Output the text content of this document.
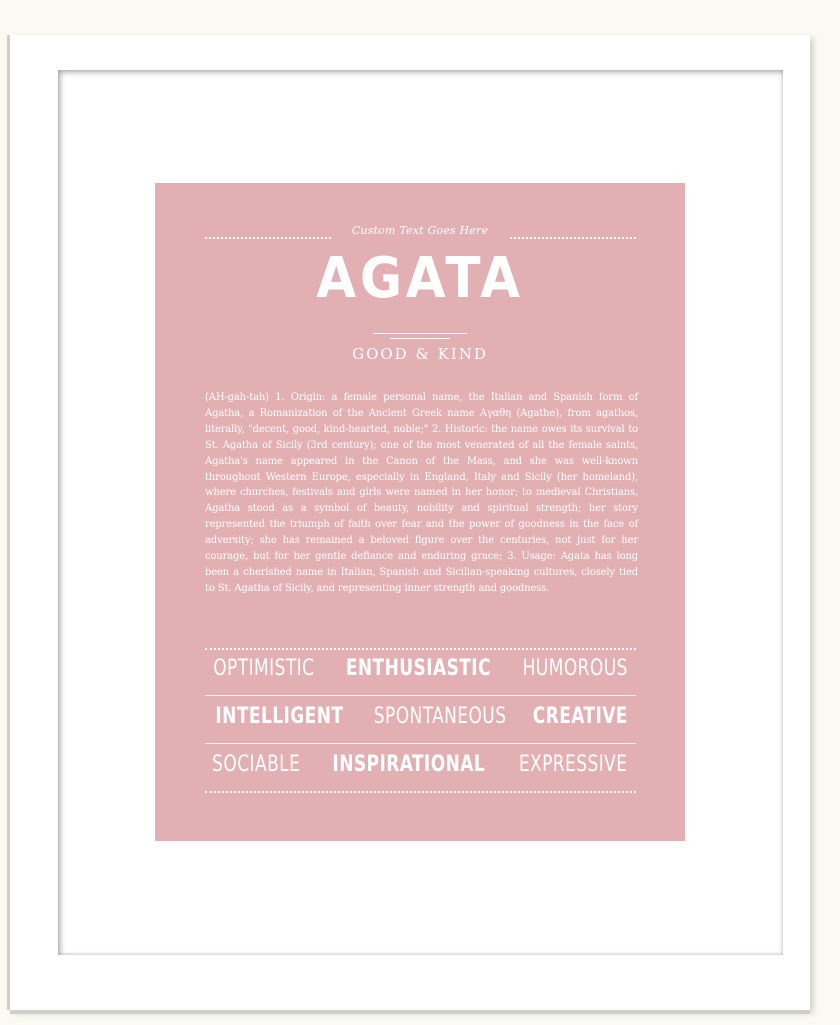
Custom Text Goes Here
AGATA
GOOD & KIND
(AH-gah-tah) 1. Origin: a female personal name, the Italian and Spanish form of Agatha, a Romanization of the Ancient Greek name Αγαθη (Agathe), from agathos, literally, "decent, good, kind-hearted, noble;" 2. Historic: the name owes its survival to St. Agatha of Sicily (3rd century); one of the most venerated of all the female saints, Agatha's name appeared in the Canon of the Mass, and she was well-known throughout Western Europe, especially in England, Italy and Sicily (her homeland), where churches, festivals and girls were named in her honor; to medieval Christians, Agatha stood as a symbol of beauty, nobility and spiritual strength; her story represented the triumph of faith over fear and the power of goodness in the face of adversity; she has remained a beloved figure over the centuries, not just for her courage, but for her gentle defiance and enduring grace; 3. Usage: Agata has long been a cherished name in Italian, Spanish and Sicilian-speaking cultures, closely tied to St. Agatha of Sicily, and representing inner strength and goodness.
OPTIMISTIC ENTHUSIASTIC HUMOROUS
INTELLIGENT SPONTANEOUS CREATIVE
SOCIABLE INSPIRATIONAL EXPRESSIVE
